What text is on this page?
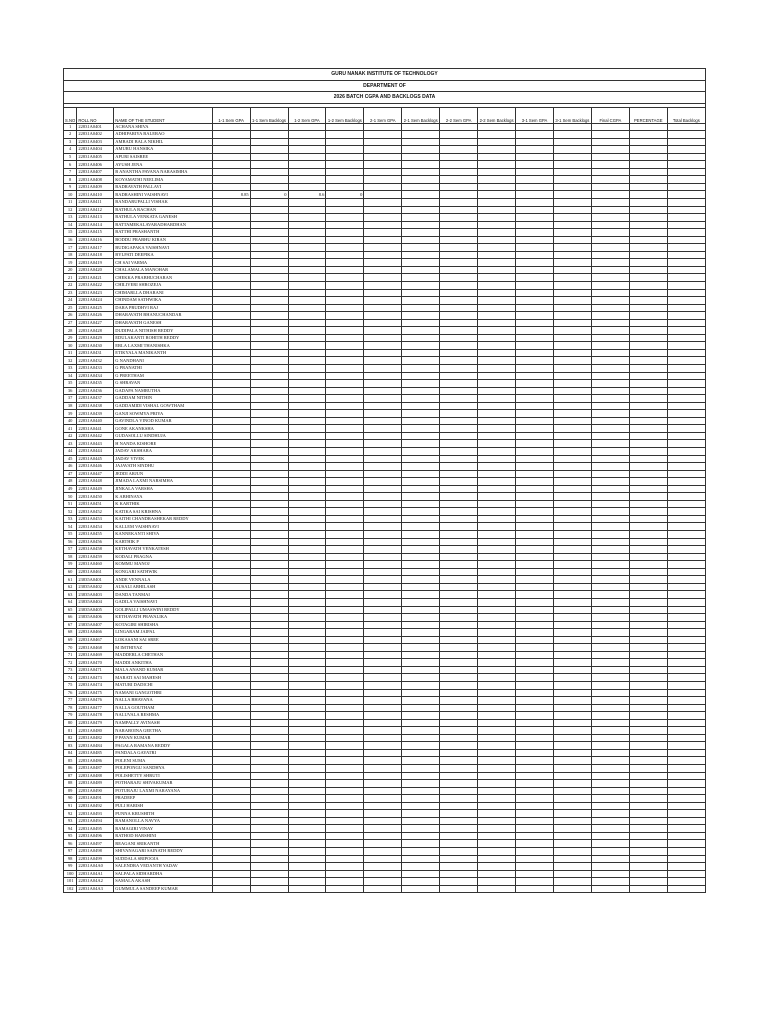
GURU NANAK INSTITUTE OF TECHNOLOGY															
DEPARTMENT OF															
2026 BATCH CGPA AND BACKLOGS DATA															

S.NO	ROLL NO	NAME OF THE STUDENT	1-1 Sem GPA	1-1 Sem Backlogs	1-2 Sem GPA	1-2 Sem Backlogs	2-1 Sem GPA	2-1 Sem Backlogs	2-2 Sem GPA	2-2 Sem Backlogs	3-1 Sem GPA	3-1 Sem Backlogs	Final CGPA	PERCENTAGE	Total Backlogs
1	22831A0401	ACHANA SHIVA													
2	22831A0402	ADHIPARIYA BALERAO													
3	22831A0403	AMBADI BALA NIKHIL													
4	22831A0404	AMURU HANSIKA													
5	22831A0405	APURI SAISREE													
6	22831A0406	AYUSH JENA													
7	22831A0407	B ANANTHA PAVANA NARASIMHA													
8	22831A0408	KOYAMATHI NEELIMA													
9	22831A0409	BADRAVATH PALLAVI													
10	22831A0410	BADRASHINI VAISHNAVI	8.85	0	8.6	0									
11	22831A0411	BANDARUPALLI VISHAK													
12	22831A0412	BATHULA RACHAN													
13	22831A0413	BATHULA VENKATA GANESH													
14	22831A0414	BATTAMEKALAVARADHARDHAN													
15	22831A0415	BATTHI PRASHANTH													
16	22831A0416	BODDU PRABHU KIRAN													
17	22831A0417	BUDIGAPAKA VAISHNAVI													
18	22831A0418	BYLPATI DEEPIKA													
19	22831A0419	CH SAI VARMA													
20	22831A0420	CHALAMALA MANOHAR													
21	22831A0421	CHEKKA PRABHUCHARAN													
22	22831A0422	CHILIVERI SHROZEJA													
23	22831A0423	CHIMARLLA DHARANI													
24	22831A0424	CHINDAM SATHWIKA													
25	22831A0425	DARA PRUDHVI RAJ													
26	22831A0426	DHARAVATH BHANUCHANDAR													
27	22831A0427	DHARAVATH GANESH													
28	22831A0428	DUDIPALA NITHISH REDDY													
29	22831A0429	EDULAKANTI ROHITH REDDY													
30	22831A0430	ERLA LAXMI THANISHKA													
31	22831A0431	ETIKYALA MANIKANTH													
32	22831A0432	G NANDHANI													
33	22831A0433	G PRANATHI													
34	22831A0434	G PREETHAM													
35	22831A0435	G SHRAVAN													
36	22831A0436	GADAPA NAMRUTHA													
37	22831A0437	GADDAM NITHIN													
38	22831A0438	GADDAMIDI VISHAL GOWTHAM													
39	22831A0439	GANJI SOWMYA PRIYA													
40	22831A0440	GAVINDLA VINOD KUMAR													
41	22831A0441	GONE AKANKSHA													
42	22831A0442	GUDASOLLU SINDHUJA													
43	22831A0443	H NANDA KISHORE													
44	22831A0444	JADAV AKSHARA													
45	22831A0445	JADAV VIVEK													
46	22831A0446	JAJAVATH SINDHU													
47	22831A0447	JEDDI ARJUN													
48	22831A0448	JIMADA LAXMI NARSIMHA													
49	22831A0449	JINKALA VARSHA													
50	22831A0450	K ABHINAYA													
51	22831A0451	K KARTHIK													
52	22831A0452	KATIKA SAI KRISHNA													
53	22831A0453	KAITHI CHANDRASHEKAR REDDY													
54	22831A0454	KALLEM VAISHNAVI													
55	22831A0455	KANNEKANTI SHIVA													
56	22831A0456	KARTHIK P													
57	22831A0458	KETHAVATH VENKATESH													
58	22831A0459	KODALI PRAGNA													
59	22831A0460	KOMMU MANOJ													
60	22831A0461	KONGARI SATHWIK													
61	23835A0401	ANDE VENNALA													
62	23835A0402	AUSALI ABHILASH													
63	23835A0403	DANDA TANMAI													
64	23835A0404	GADILA VAISHNAVI													
65	23835A0405	GOLIPALLI UMASWINI REDDY													
66	23835A0406	KETHAVATH PRAVALIKA													
67	23835A0407	KOTAGIRI SHIRISHA													
68	22831A0466	LINGARAM JAIPAL													
69	22831A0467	LOKASANI SAI SREE													
70	22831A0468	M IMTHIYAZ													
71	22831A0469	MADDERLA CHETHAN													
72	22831A0470	MADDI ANKITHA													
73	22831A0471	MALA ANAND KUMAR													
74	22831A0473	MARATI SAI MAHESH													
75	22831A0474	MATURI DADICHI													
76	22831A0475	NAMANI GANGOTHRI													
77	22831A0476	NALLA BHAVANA													
78	22831A0477	NALLA GOUTHAM													
79	22831A0478	NALUVALA RESHMA													
80	22831A0479	NAMPALLY AVINASH													
81	22831A0480	NARABOINA GEETHA													
82	22831A0482	P PAVAN KUMAR													
83	22831A0484	PAGALA RAMANA REDDY													
84	22831A0485	PANDALA GAYATRI													
85	22831A0486	POLENI SUMA													
86	22831A0487	POLEPONGU SANDHYA													
87	22831A0488	POLISHETTY SHRUTI													
88	22831A0489	POTHARAJU SHIVAKUMAR													
89	22831A0490	POTURAJU LAXMI NARAYANA													
90	22831A0491	PRADEEP													
91	22831A0492	PULI HARISH													
92	22831A0493	PUNNA KRUSHITH													
93	22831A0494	RAMANOLLA NAVYA													
94	22831A0495	RAMAGIRI VINAY													
95	22831A0496	RATHOD HARSHINI													
96	22831A0497	REAGANI SRIKANTH													
97	22831A0498	SHIVANAGARI SAINATH REDDY													
98	22831A0499	SUDDALA SRIPOOJA													
99	22831A04A0	SALENDRA VEDANTH YADAV													
100	22831A04A1	SALPALA SIDHARDHA													
101	22831A04A2	SAMALA AKASH													
102	22831A04A3	GUMMULA SANDEEP KUMAR													
